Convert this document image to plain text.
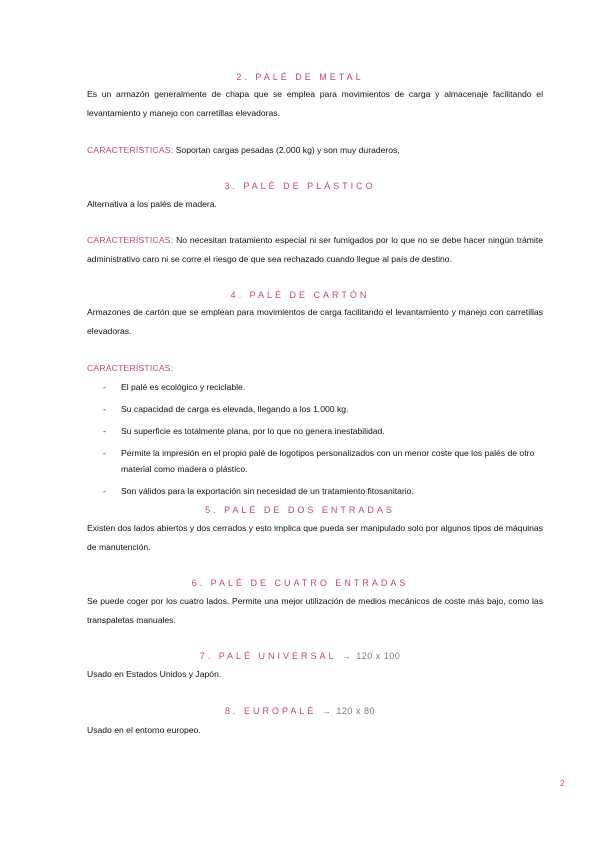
2. PALÉ DE METAL
Es un armazón generalmente de chapa que se emplea para movimientos de carga y almacenaje facilitando el levantamiento y manejo con carretillas elevadoras.
CARACTERÍSTICAS: Soportan cargas pesadas (2.000 kg) y son muy duraderos.
3. PALÉ DE PLÁSTICO
Alternativa a los palés de madera.
CARACTERÍSTICAS: No necesitan tratamiento especial ni ser fumigados por lo que no se debe hacer ningún trámite administrativo caro ni se corre el riesgo de que sea rechazado cuando llegue al país de destino.
4. PALÉ DE CARTÓN
Armazones de cartón que se emplean para movimientos de carga facilitando el levantamiento y manejo con carretillas elevadoras.
CARACTERÍSTICAS:
- El palé es ecológico y reciclable.
- Su capacidad de carga es elevada, llegando a los 1.000 kg.
- Su superficie es totalmente plana, por lo que no genera inestabilidad.
- Permite la impresión en el propio palé de logotipos personalizados con un menor coste que los palés de otro material como madera o plástico.
- Son válidos para la exportación sin necesidad de un tratamiento fitosanitario.
5. PALÉ DE DOS ENTRADAS
Existen dos lados abiertos y dos cerrados y esto implica que pueda ser manipulado solo por algunos tipos de máquinas de manutención.
6. PALÉ DE CUATRO ENTRADAS
Se puede coger por los cuatro lados. Permite una mejor utilización de medios mecánicos de coste más bajo, como las transpaletas manuales.
7. PALÉ UNIVERSAL → 120 x 100
Usado en Estados Unidos y Japón.
8. EUROPALÉ → 120 x 80
Usado en el entorno europeo.
2
